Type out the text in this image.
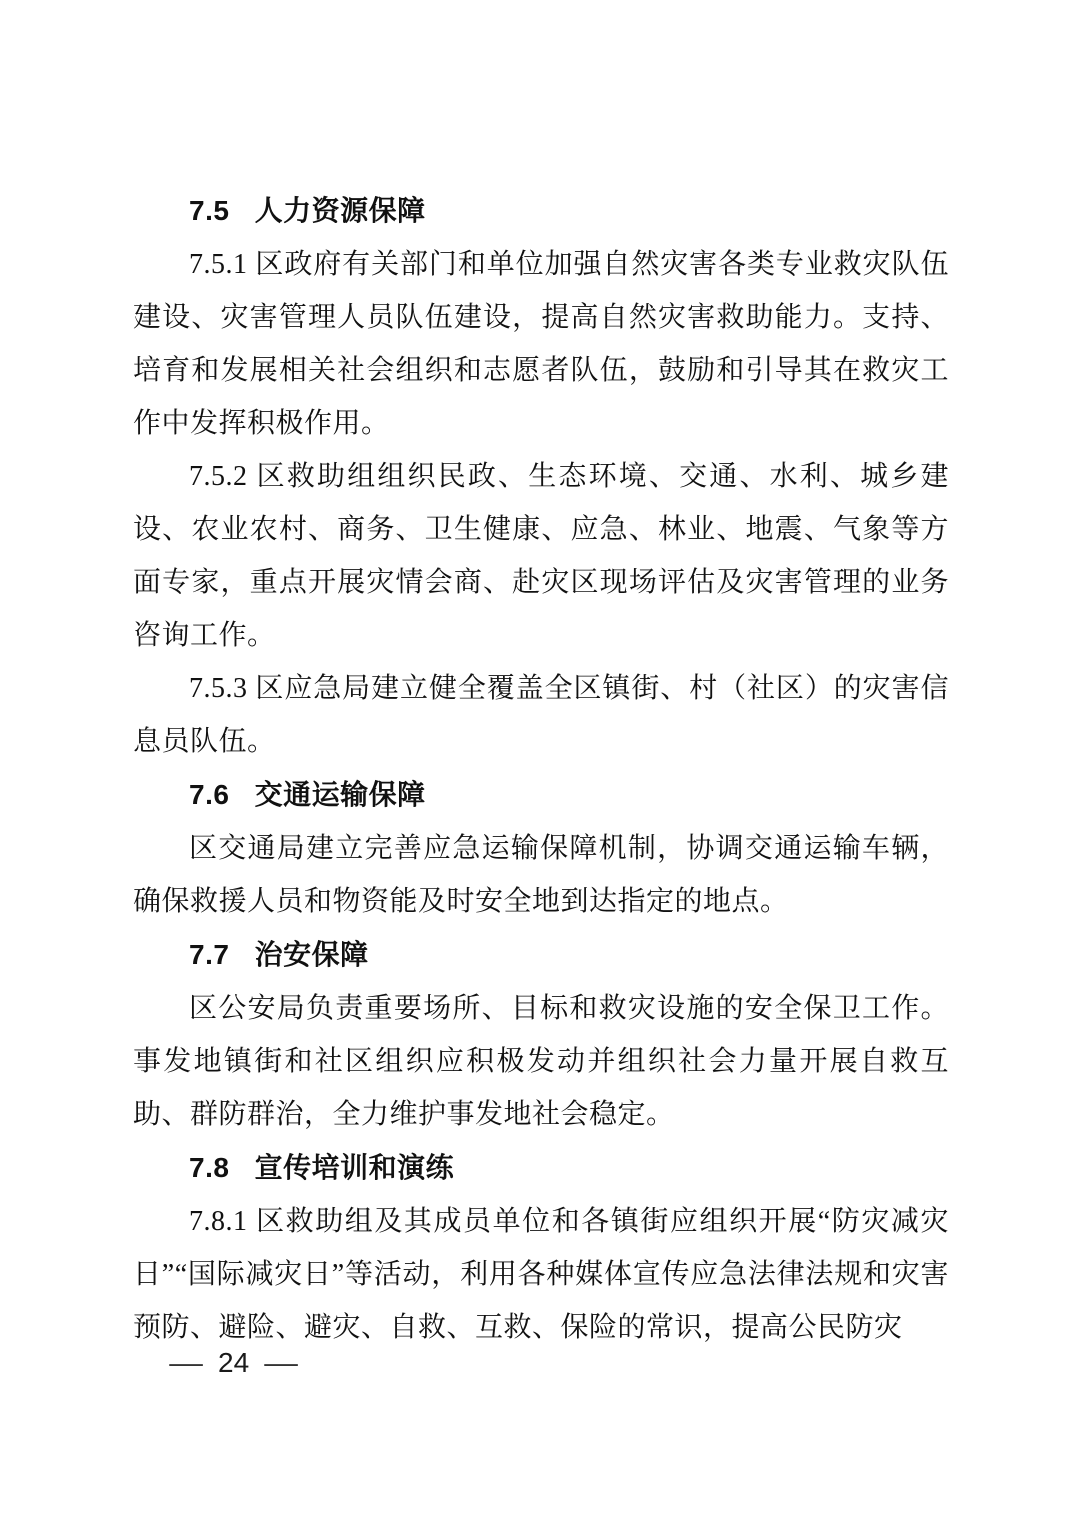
7.5 人力资源保障

7.5.1 区政府有关部门和单位加强自然灾害各类专业救灾队伍建设、灾害管理人员队伍建设，提高自然灾害救助能力。支持、培育和发展相关社会组织和志愿者队伍，鼓励和引导其在救灾工作中发挥积极作用。

7.5.2 区救助组组织民政、生态环境、交通、水利、城乡建设、农业农村、商务、卫生健康、应急、林业、地震、气象等方面专家，重点开展灾情会商、赴灾区现场评估及灾害管理的业务咨询工作。

7.5.3 区应急局建立健全覆盖全区镇街、村（社区）的灾害信息员队伍。

7.6 交通运输保障

区交通局建立完善应急运输保障机制，协调交通运输车辆，确保救援人员和物资能及时安全地到达指定的地点。

7.7 治安保障

区公安局负责重要场所、目标和救灾设施的安全保卫工作。事发地镇街和社区组织应积极发动并组织社会力量开展自救互助、群防群治，全力维护事发地社会稳定。

7.8 宣传培训和演练

7.8.1 区救助组及其成员单位和各镇街应组织开展“防灾减灾日”“国际减灾日”等活动，利用各种媒体宣传应急法律法规和灾害预防、避险、避灾、自救、互救、保险的常识，提高公民防灾

— 24 —
